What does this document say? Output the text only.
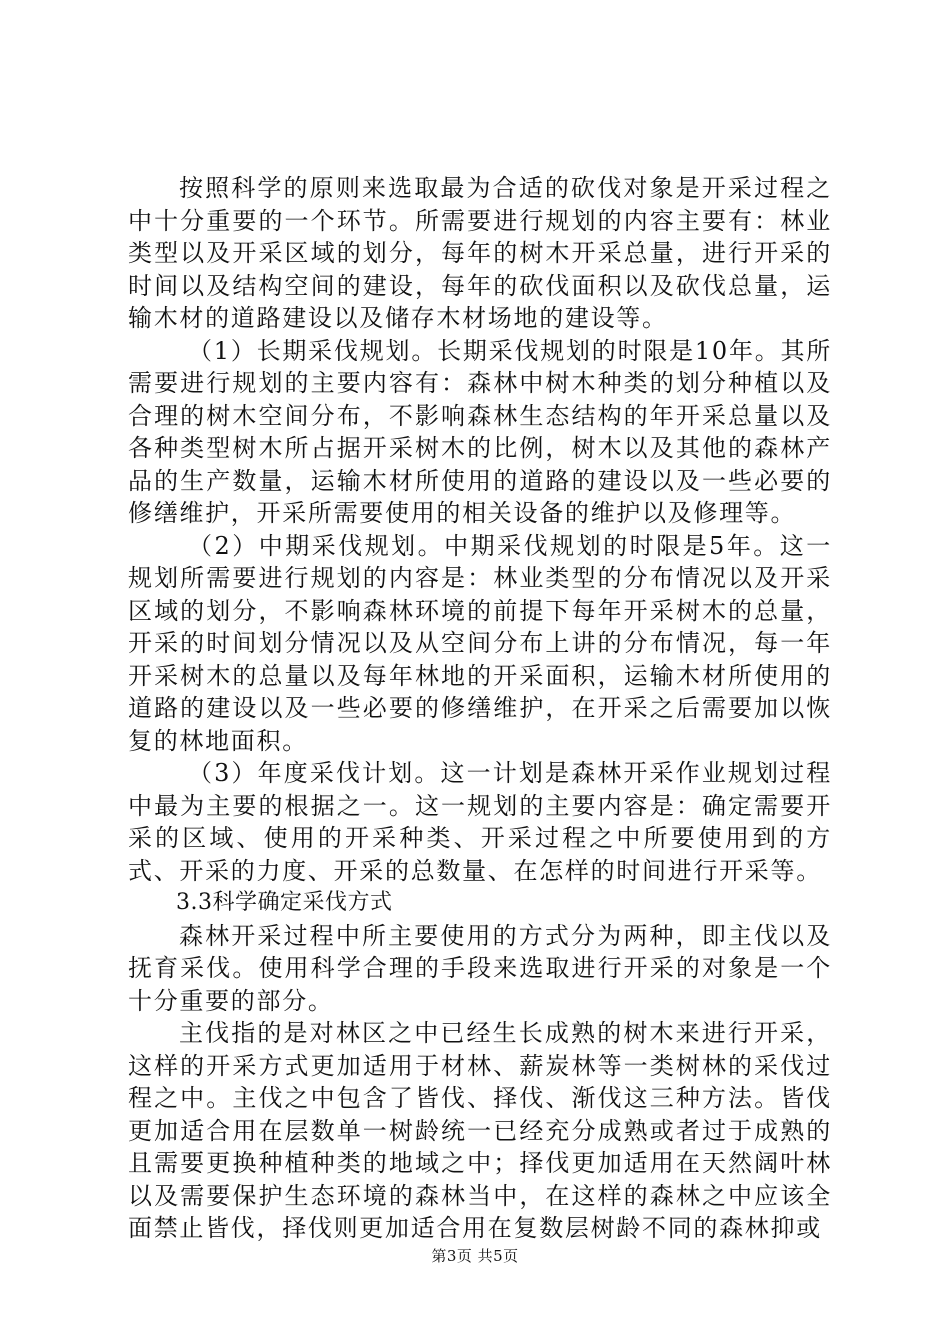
按照科学的原则来选取最为合适的砍伐对象是开采过程之中十分重要的一个环节。所需要进行规划的内容主要有：林业类型以及开采区域的划分，每年的树木开采总量，进行开采的时间以及结构空间的建设，每年的砍伐面积以及砍伐总量，运输木材的道路建设以及储存木材场地的建设等。

（1）长期采伐规划。长期采伐规划的时限是10年。其所需要进行规划的主要内容有：森林中树木种类的划分种植以及合理的树木空间分布，不影响森林生态结构的年开采总量以及各种类型树木所占据开采树木的比例，树木以及其他的森林产品的生产数量，运输木材所使用的道路的建设以及一些必要的修缮维护，开采所需要使用的相关设备的维护以及修理等。

（2）中期采伐规划。中期采伐规划的时限是5年。这一规划所需要进行规划的内容是：林业类型的分布情况以及开采区域的划分，不影响森林环境的前提下每年开采树木的总量，开采的时间划分情况以及从空间分布上讲的分布情况，每一年开采树木的总量以及每年林地的开采面积，运输木材所使用的道路的建设以及一些必要的修缮维护，在开采之后需要加以恢复的林地面积。

（3）年度采伐计划。这一计划是森林开采作业规划过程中最为主要的根据之一。这一规划的主要内容是：确定需要开采的区域、使用的开采种类、开采过程之中所要使用到的方式、开采的力度、开采的总数量、在怎样的时间进行开采等。

3.3科学确定采伐方式

森林开采过程中所主要使用的方式分为两种，即主伐以及抚育采伐。使用科学合理的手段来选取进行开采的对象是一个十分重要的部分。

主伐指的是对林区之中已经生长成熟的树木来进行开采，这样的开采方式更加适用于材林、薪炭林等一类树林的采伐过程之中。主伐之中包含了皆伐、择伐、渐伐这三种方法。皆伐更加适合用在层数单一树龄统一已经充分成熟或者过于成熟的且需要更换种植种类的地域之中；择伐更加适用在天然阔叶林以及需要保护生态环境的森林当中，在这样的森林之中应该全面禁止皆伐，择伐则更加适合用在复数层树龄不同的森林抑或

第3页 共5页
